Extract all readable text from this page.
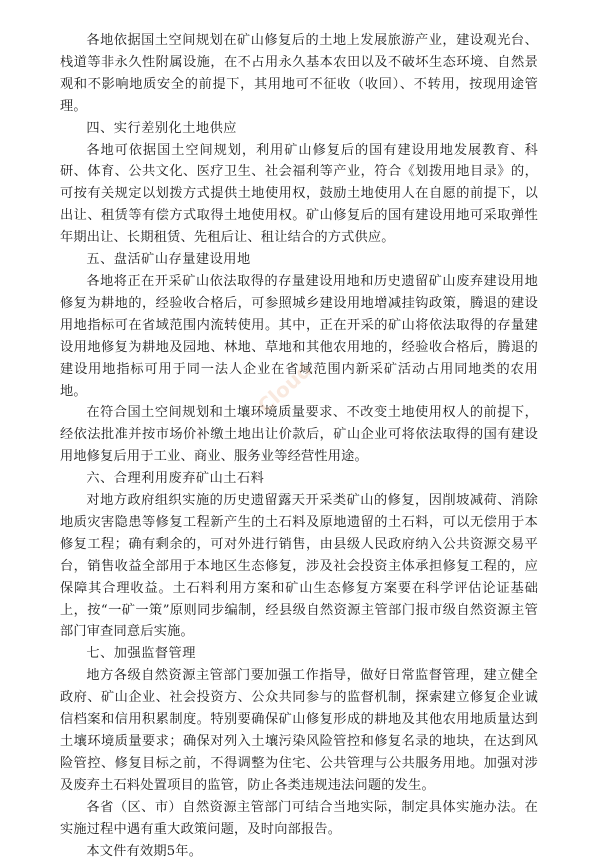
各地依据国土空间规划在矿山修复后的土地上发展旅游产业，建设观光台、栈道等非永久性附属设施，在不占用永久基本农田以及不破坏生态环境、自然景观和不影响地质安全的前提下，其用地可不征收（收回）、不转用，按现用途管理。

四、实行差别化土地供应

各地可依据国土空间规划，利用矿山修复后的国有建设用地发展教育、科研、体育、公共文化、医疗卫生、社会福利等产业，符合《划拨用地目录》的，可按有关规定以划拨方式提供土地使用权，鼓励土地使用人在自愿的前提下，以出让、租赁等有偿方式取得土地使用权。矿山修复后的国有建设用地可采取弹性年期出让、长期租赁、先租后让、租让结合的方式供应。

五、盘活矿山存量建设用地

各地将正在开采矿山依法取得的存量建设用地和历史遗留矿山废弃建设用地修复为耕地的，经验收合格后，可参照城乡建设用地增减挂钩政策，腾退的建设用地指标可在省域范围内流转使用。其中，正在开采的矿山将依法取得的存量建设用地修复为耕地及园地、林地、草地和其他农用地的，经验收合格后，腾退的建设用地指标可用于同一法人企业在省域范围内新采矿活动占用同地类的农用地。

在符合国土空间规划和土壤环境质量要求、不改变土地使用权人的前提下，经依法批准并按市场价补缴土地出让价款后，矿山企业可将依法取得的国有建设用地修复后用于工业、商业、服务业等经营性用途。

六、合理利用废弃矿山土石料

对地方政府组织实施的历史遗留露天开采类矿山的修复，因削坡减荷、消除地质灾害隐患等修复工程新产生的土石料及原地遗留的土石料，可以无偿用于本修复工程；确有剩余的，可对外进行销售，由县级人民政府纳入公共资源交易平台，销售收益全部用于本地区生态修复，涉及社会投资主体承担修复工程的，应保障其合理收益。土石料利用方案和矿山生态修复方案要在科学评估论证基础上，按“一矿一策”原则同步编制，经县级自然资源主管部门报市级自然资源主管部门审查同意后实施。

七、加强监督管理

地方各级自然资源主管部门要加强工作指导，做好日常监督管理，建立健全政府、矿山企业、社会投资方、公众共同参与的监督机制，探索建立修复企业诚信档案和信用积累制度。特别要确保矿山修复形成的耕地及其他农用地质量达到土壤环境质量要求；确保对列入土壤污染风险管控和修复名录的地块，在达到风险管控、修复目标之前，不得调整为住宅、公共管理与公共服务用地。加强对涉及废弃土石料处置项目的监管，防止各类违规违法问题的发生。

各省（区、市）自然资源主管部门可结合当地实际，制定具体实施办法。在实施过程中遇有重大政策问题，及时向部报告。

本文件有效期5年。

Cloud
